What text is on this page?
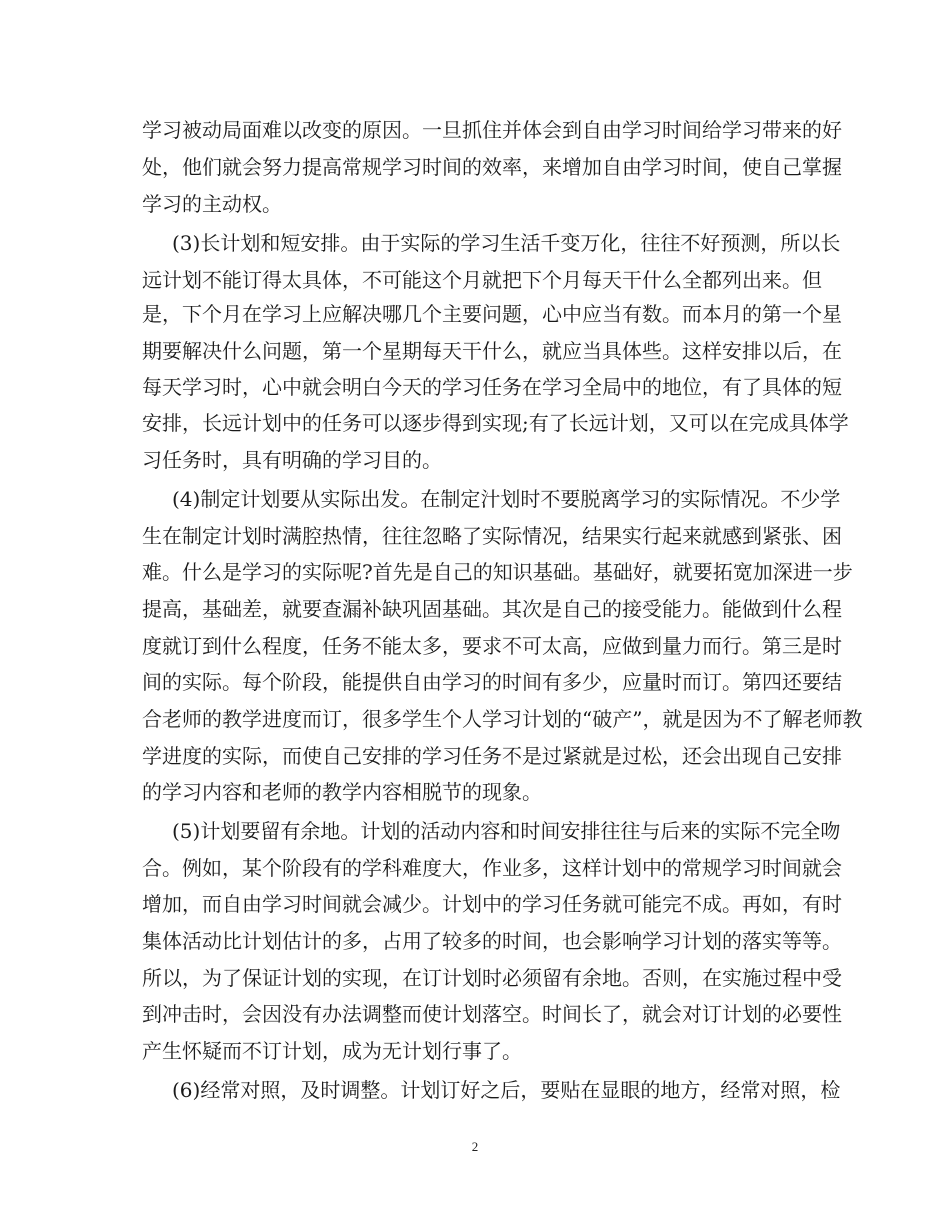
学习被动局面难以改变的原因。一旦抓住并体会到自由学习时间给学习带来的好
处，他们就会努力提高常规学习时间的效率，来增加自由学习时间，使自己掌握
学习的主动权。
(3)长计划和短安排。由于实际的学习生活千变万化，往往不好预测，所以长
远计划不能订得太具体，不可能这个月就把下个月每天干什么全都列出来。但
是，下个月在学习上应解决哪几个主要问题，心中应当有数。而本月的第一个星
期要解决什么问题，第一个星期每天干什么，就应当具体些。这样安排以后，在
每天学习时，心中就会明白今天的学习任务在学习全局中的地位，有了具体的短
安排，长远计划中的任务可以逐步得到实现;有了长远计划，又可以在完成具体学
习任务时，具有明确的学习目的。
(4)制定计划要从实际出发。在制定汁划时不要脱离学习的实际情况。不少学
生在制定计划时满腔热情，往往忽略了实际情况，结果实行起来就感到紧张、困
难。什么是学习的实际呢?首先是自己的知识基础。基础好，就要拓宽加深进一步
提高，基础差，就要查漏补缺巩固基础。其次是自己的接受能力。能做到什么程
度就订到什么程度，任务不能太多，要求不可太高，应做到量力而行。第三是时
间的实际。每个阶段，能提供自由学习的时间有多少，应量时而订。第四还要结
合老师的教学进度而订，很多学生个人学习计划的“破产”，就是因为不了解老师教
学进度的实际，而使自己安排的学习任务不是过紧就是过松，还会出现自己安排
的学习内容和老师的教学内容相脱节的现象。
(5)计划要留有余地。计划的活动内容和时间安排往往与后来的实际不完全吻
合。例如，某个阶段有的学科难度大，作业多，这样计划中的常规学习时间就会
增加，而自由学习时间就会减少。计划中的学习任务就可能完不成。再如，有时
集体活动比计划估计的多，占用了较多的时间，也会影响学习计划的落实等等。
所以，为了保证计划的实现，在订计划时必须留有余地。否则，在实施过程中受
到冲击时，会因没有办法调整而使计划落空。时间长了，就会对订计划的必要性
产生怀疑而不订计划，成为无计划行事了。
(6)经常对照，及时调整。计划订好之后，要贴在显眼的地方，经常对照，检
2
